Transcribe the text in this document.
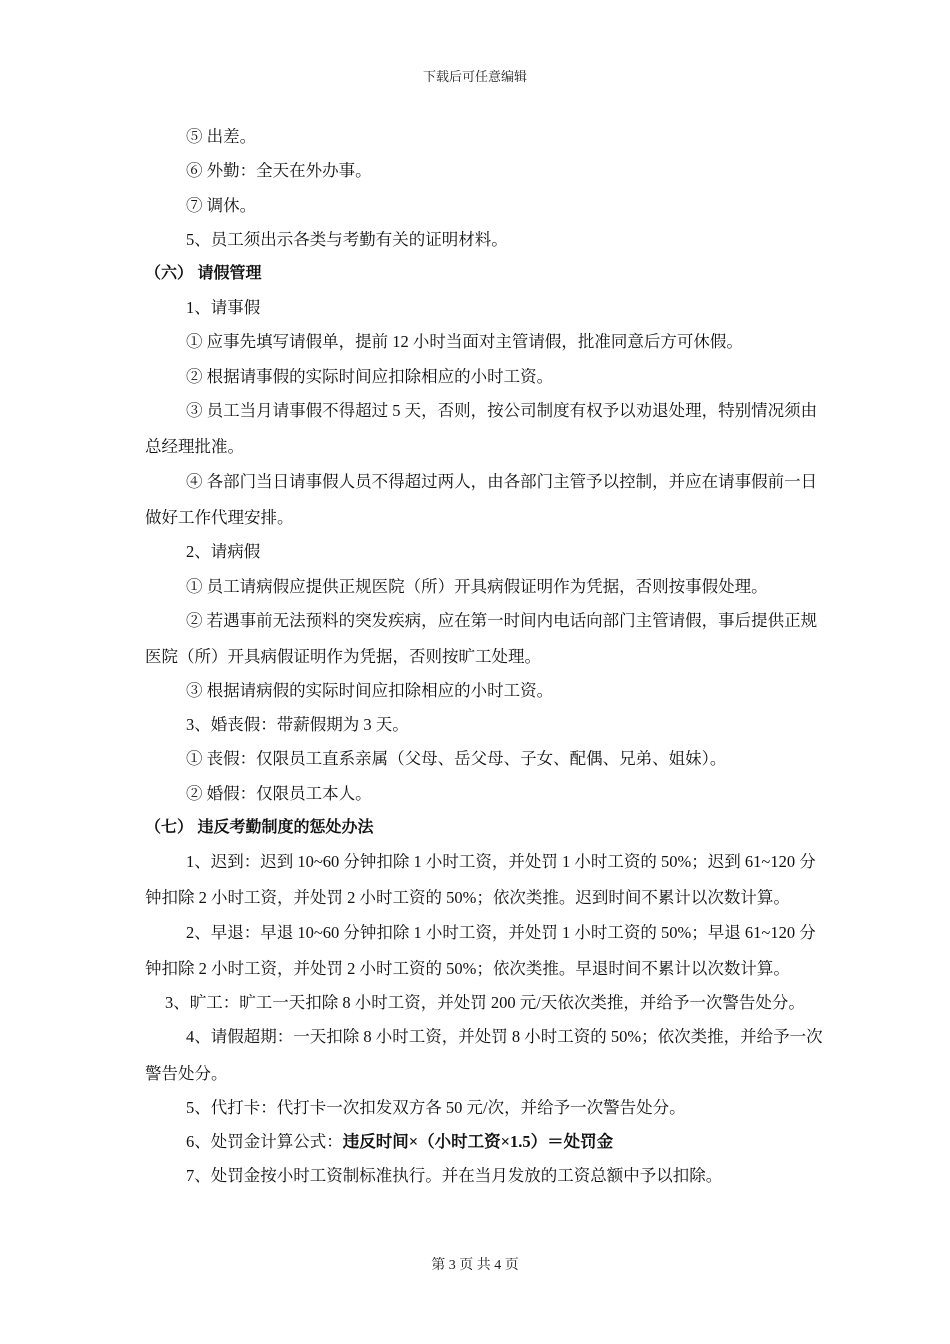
下载后可任意编辑
⑤ 出差。
⑥ 外勤：全天在外办事。
⑦ 调休。
5、员工须出示各类与考勤有关的证明材料。
（六） 请假管理
1、请事假
① 应事先填写请假单，提前 12 小时当面对主管请假，批准同意后方可休假。
② 根据请事假的实际时间应扣除相应的小时工资。
③ 员工当月请事假不得超过 5 天，否则，按公司制度有权予以劝退处理，特别情况须由
总经理批准。
④ 各部门当日请事假人员不得超过两人，由各部门主管予以控制，并应在请事假前一日
做好工作代理安排。
2、请病假
① 员工请病假应提供正规医院（所）开具病假证明作为凭据，否则按事假处理。
② 若遇事前无法预料的突发疾病，应在第一时间内电话向部门主管请假，事后提供正规
医院（所）开具病假证明作为凭据，否则按旷工处理。
③ 根据请病假的实际时间应扣除相应的小时工资。
3、婚丧假：带薪假期为 3 天。
① 丧假：仅限员工直系亲属（父母、岳父母、子女、配偶、兄弟、姐妹）。
② 婚假：仅限员工本人。
（七） 违反考勤制度的惩处办法
1、迟到：迟到 10~60 分钟扣除 1 小时工资，并处罚 1 小时工资的 50%；迟到 61~120 分
钟扣除 2 小时工资，并处罚 2 小时工资的 50%；依次类推。迟到时间不累计以次数计算。
2、早退：早退 10~60 分钟扣除 1 小时工资，并处罚 1 小时工资的 50%；早退 61~120 分
钟扣除 2 小时工资，并处罚 2 小时工资的 50%；依次类推。早退时间不累计以次数计算。
3、旷工：旷工一天扣除 8 小时工资，并处罚 200 元/天依次类推，并给予一次警告处分。
4、请假超期：一天扣除 8 小时工资，并处罚 8 小时工资的 50%；依次类推，并给予一次
警告处分。
5、代打卡：代打卡一次扣发双方各 50 元/次，并给予一次警告处分。
6、处罚金计算公式：违反时间×（小时工资×1.5）＝处罚金
7、处罚金按小时工资制标准执行。并在当月发放的工资总额中予以扣除。
第 3 页 共 4 页
